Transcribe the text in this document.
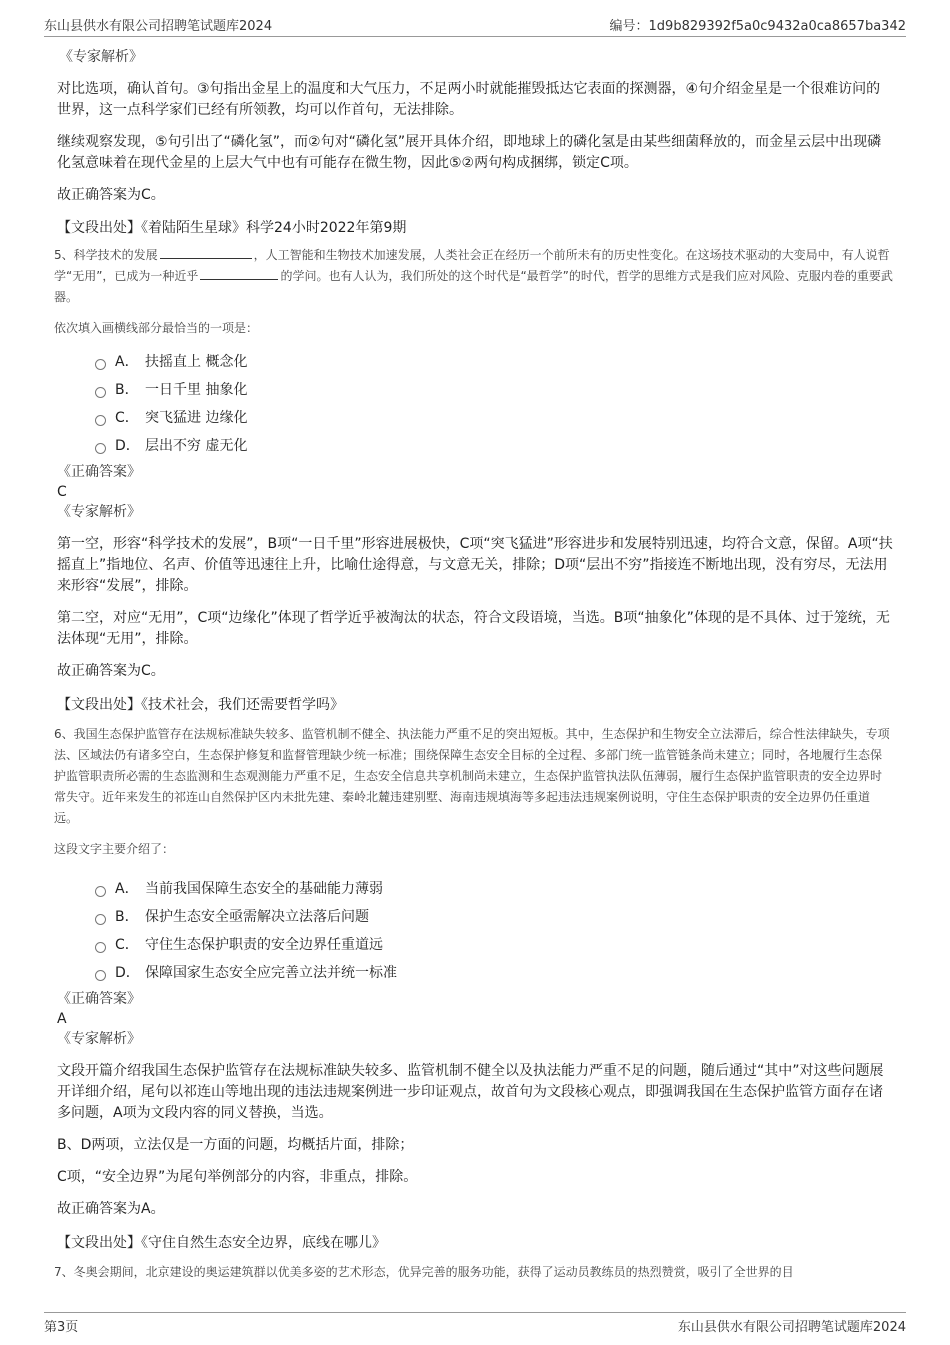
东山县供水有限公司招聘笔试题库2024	编号：1d9b829392f5a0c9432a0ca8657ba342

《专家解析》

对比选项，确认首句。③句指出金星上的温度和大气压力，不足两小时就能摧毁抵达它表面的探测器，④句介绍金星是一个很难访问的世界，这一点科学家们已经有所领教，均可以作首句，无法排除。

继续观察发现，⑤句引出了“磷化氢”，而②句对“磷化氢”展开具体介绍，即地球上的磷化氢是由某些细菌释放的，而金星云层中出现磷化氢意味着在现代金星的上层大气中也有可能存在微生物，因此⑤②两句构成捆绑，锁定C项。

故正确答案为C。

【文段出处】《着陆陌生星球》科学24小时2022年第9期

5、科学技术的发展	，人工智能和生物技术加速发展，人类社会正在经历一个前所未有的历史性变化。在这场技术驱动的大变局中，有人说哲学“无用”，已成为一种近乎	的学问。也有人认为，我们所处的这个时代是“最哲学”的时代，哲学的思维方式是我们应对风险、克服内卷的重要武器。

依次填入画横线部分最恰当的一项是：

A． 扶摇直上 概念化
B． 一日千里 抽象化
C． 突飞猛进 边缘化
D． 层出不穷 虚无化

《正确答案》

C

《专家解析》

第一空，形容“科学技术的发展”，B项“一日千里”形容进展极快，C项“突飞猛进”形容进步和发展特别迅速，均符合文意，保留。A项“扶摇直上”指地位、名声、价值等迅速往上升，比喻仕途得意，与文意无关，排除；D项“层出不穷”指接连不断地出现，没有穷尽，无法用来形容“发展”，排除。

第二空，对应“无用”，C项“边缘化”体现了哲学近乎被淘汰的状态，符合文段语境，当选。B项“抽象化”体现的是不具体、过于笼统，无法体现“无用”，排除。

故正确答案为C。

【文段出处】《技术社会，我们还需要哲学吗》

6、我国生态保护监管存在法规标准缺失较多、监管机制不健全、执法能力严重不足的突出短板。其中，生态保护和生物安全立法滞后，综合性法律缺失，专项法、区域法仍有诸多空白，生态保护修复和监督管理缺少统一标准；围绕保障生态安全目标的全过程、多部门统一监管链条尚未建立；同时，各地履行生态保护监管职责所必需的生态监测和生态观测能力严重不足，生态安全信息共享机制尚未建立，生态保护监管执法队伍薄弱，履行生态保护监管职责的安全边界时常失守。近年来发生的祁连山自然保护区内未批先建、秦岭北麓违建别墅、海南违规填海等多起违法违规案例说明，守住生态保护职责的安全边界仍任重道远。

这段文字主要介绍了：

A． 当前我国保障生态安全的基础能力薄弱
B． 保护生态安全亟需解决立法落后问题
C． 守住生态保护职责的安全边界任重道远
D． 保障国家生态安全应完善立法并统一标准

《正确答案》

A

《专家解析》

文段开篇介绍我国生态保护监管存在法规标准缺失较多、监管机制不健全以及执法能力严重不足的问题，随后通过“其中”对这些问题展开详细介绍，尾句以祁连山等地出现的违法违规案例进一步印证观点，故首句为文段核心观点，即强调我国在生态保护监管方面存在诸多问题，A项为文段内容的同义替换，当选。

B、D两项，立法仅是一方面的问题，均概括片面，排除；

C项，“安全边界”为尾句举例部分的内容，非重点，排除。

故正确答案为A。

【文段出处】《守住自然生态安全边界，底线在哪儿》

7、冬奥会期间，北京建设的奥运建筑群以优美多姿的艺术形态，优异完善的服务功能，获得了运动员教练员的热烈赞赏，吸引了全世界的目

第3页	东山县供水有限公司招聘笔试题库2024
